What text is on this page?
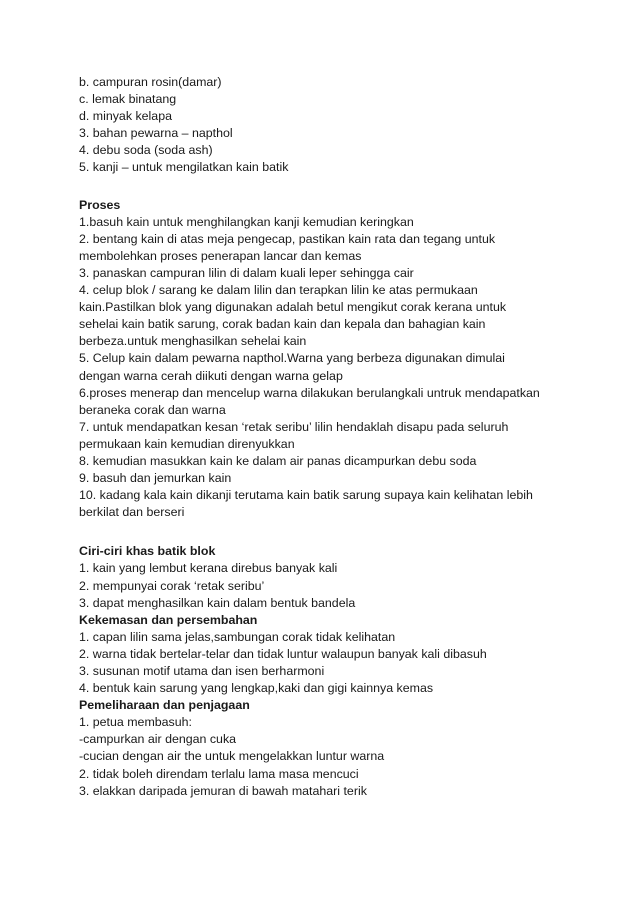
b. campuran rosin(damar)
c. lemak binatang
d. minyak kelapa
3. bahan pewarna – napthol
4. debu soda (soda ash)
5. kanji – untuk mengilatkan kain batik
Proses
1.basuh kain untuk menghilangkan kanji kemudian keringkan
2. bentang kain di atas meja pengecap, pastikan kain rata dan tegang untuk
membolehkan proses penerapan lancar dan kemas
3. panaskan campuran lilin di dalam kuali leper sehingga cair
4. celup blok / sarang ke dalam lilin dan terapkan lilin ke atas permukaan
kain.Pastilkan blok yang digunakan adalah betul mengikut corak kerana untuk
sehelai kain batik sarung, corak badan kain dan kepala dan bahagian kain
berbeza.untuk menghasilkan sehelai kain
5. Celup kain dalam pewarna napthol.Warna yang berbeza digunakan dimulai
dengan warna cerah diikuti dengan warna gelap
6.proses menerap dan mencelup warna dilakukan berulangkali untruk mendapatkan
beraneka corak dan warna
7. untuk mendapatkan kesan ‘retak seribu’ lilin hendaklah disapu pada seluruh
permukaan kain kemudian direnyukkan
8. kemudian masukkan kain ke dalam air panas dicampurkan debu soda
9. basuh dan jemurkan kain
10. kadang kala kain dikanji terutama kain batik sarung supaya kain kelihatan lebih
berkilat dan berseri
Ciri-ciri khas batik blok
1. kain yang lembut kerana direbus banyak kali
2. mempunyai corak ‘retak seribu’
3. dapat menghasilkan kain dalam bentuk bandela
Kekemasan dan persembahan
1. capan lilin sama jelas,sambungan corak tidak kelihatan
2. warna tidak bertelar-telar dan tidak luntur walaupun banyak kali dibasuh
3. susunan motif utama dan isen berharmoni
4. bentuk kain sarung yang lengkap,kaki dan gigi kainnya kemas
Pemeliharaan dan penjagaan
1. petua membasuh:
-campurkan air dengan cuka
-cucian dengan air the untuk mengelakkan luntur warna
2. tidak boleh direndam terlalu lama masa mencuci
3. elakkan daripada jemuran di bawah matahari terik
